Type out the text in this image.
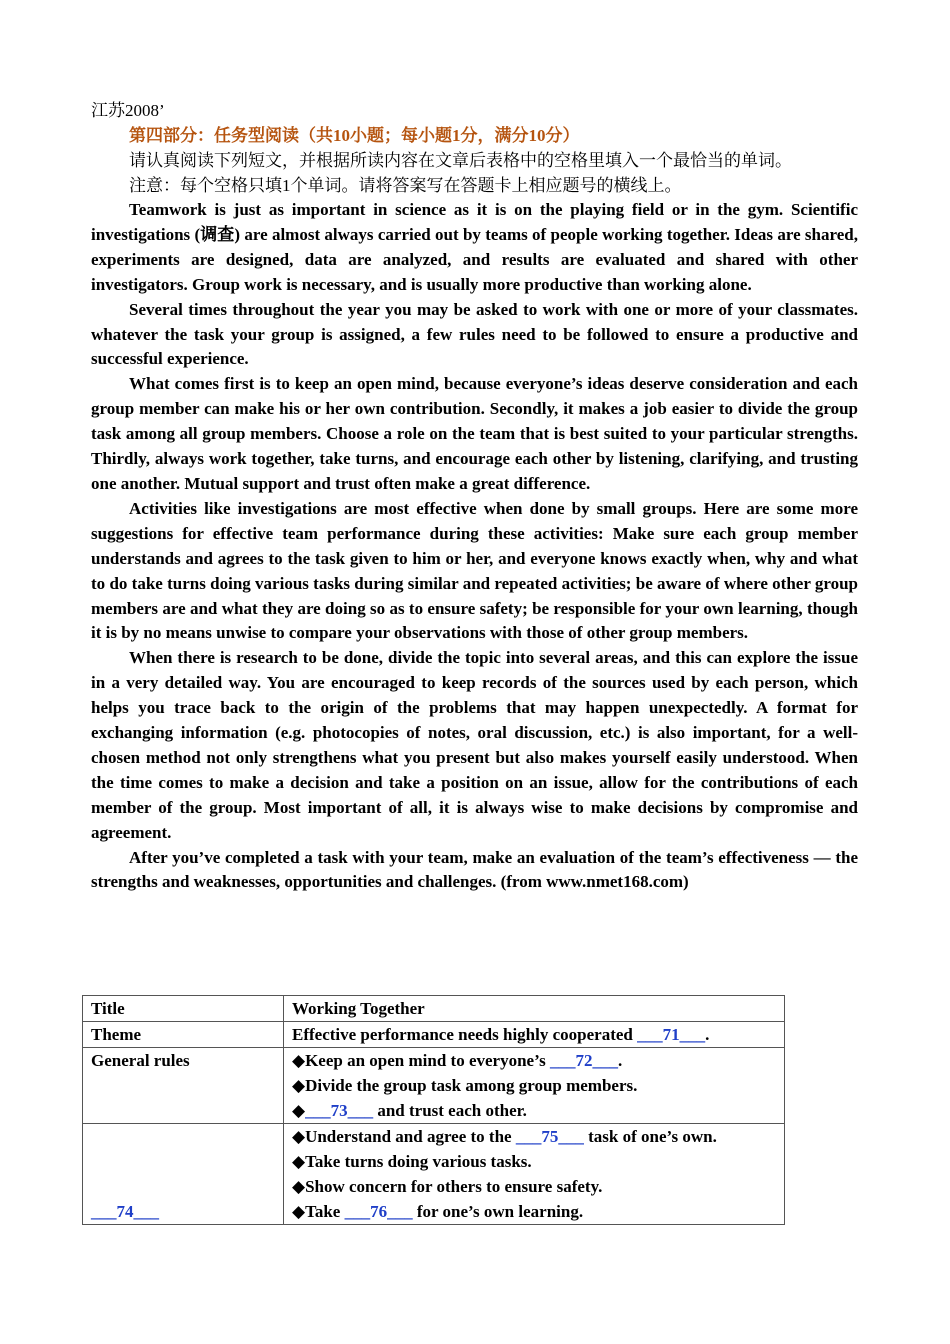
江苏2008’
第四部分：任务型阅读（共10小题；每小题1分，满分10分）
请认真阅读下列短文，并根据所读内容在文章后表格中的空格里填入一个最恰当的单词。
注意：每个空格只填1个单词。请将答案写在答题卡上相应题号的横线上。

Teamwork is just as important in science as it is on the playing field or in the gym. Scientific investigations (调查) are almost always carried out by teams of people working together. Ideas are shared, experiments are designed, data are analyzed, and results are evaluated and shared with other investigators. Group work is necessary, and is usually more productive than working alone.

Several times throughout the year you may be asked to work with one or more of your classmates. whatever the task your group is assigned, a few rules need to be followed to ensure a productive and successful experience.

What comes first is to keep an open mind, because everyone’s ideas deserve consideration and each group member can make his or her own contribution. Secondly, it makes a job easier to divide the group task among all group members. Choose a role on the team that is best suited to your particular strengths. Thirdly, always work together, take turns, and encourage each other by listening, clarifying, and trusting one another. Mutual support and trust often make a great difference.

Activities like investigations are most effective when done by small groups. Here are some more suggestions for effective team performance during these activities: Make sure each group member understands and agrees to the task given to him or her, and everyone knows exactly when, why and what to do take turns doing various tasks during similar and repeated activities; be aware of where other group members are and what they are doing so as to ensure safety; be responsible for your own learning, though it is by no means unwise to compare your observations with those of other group members.

When there is research to be done, divide the topic into several areas, and this can explore the issue in a very detailed way. You are encouraged to keep records of the sources used by each person, which helps you trace back to the origin of the problems that may happen unexpectedly. A format for exchanging information (e.g. photocopies of notes, oral discussion, etc.) is also important, for a well-chosen method not only strengthens what you present but also makes yourself easily understood. When the time comes to make a decision and take a position on an issue, allow for the contributions of each member of the group. Most important of all, it is always wise to make decisions by compromise and agreement.

After you’ve completed a task with your team, make an evaluation of the team’s effectiveness — the strengths and weaknesses, opportunities and challenges. (from www.nmet168.com)

Title	Working Together
Theme	Effective performance needs highly cooperated ___71___.
General rules	◆Keep an open mind to everyone’s ___72___.
◆Divide the group task among group members.
◆___73___ and trust each other.

___74___	◆Understand and agree to the ___75___ task of one’s own.
◆Take turns doing various tasks.
◆Show concern for others to ensure safety.
◆Take ___76___ for one’s own learning.
